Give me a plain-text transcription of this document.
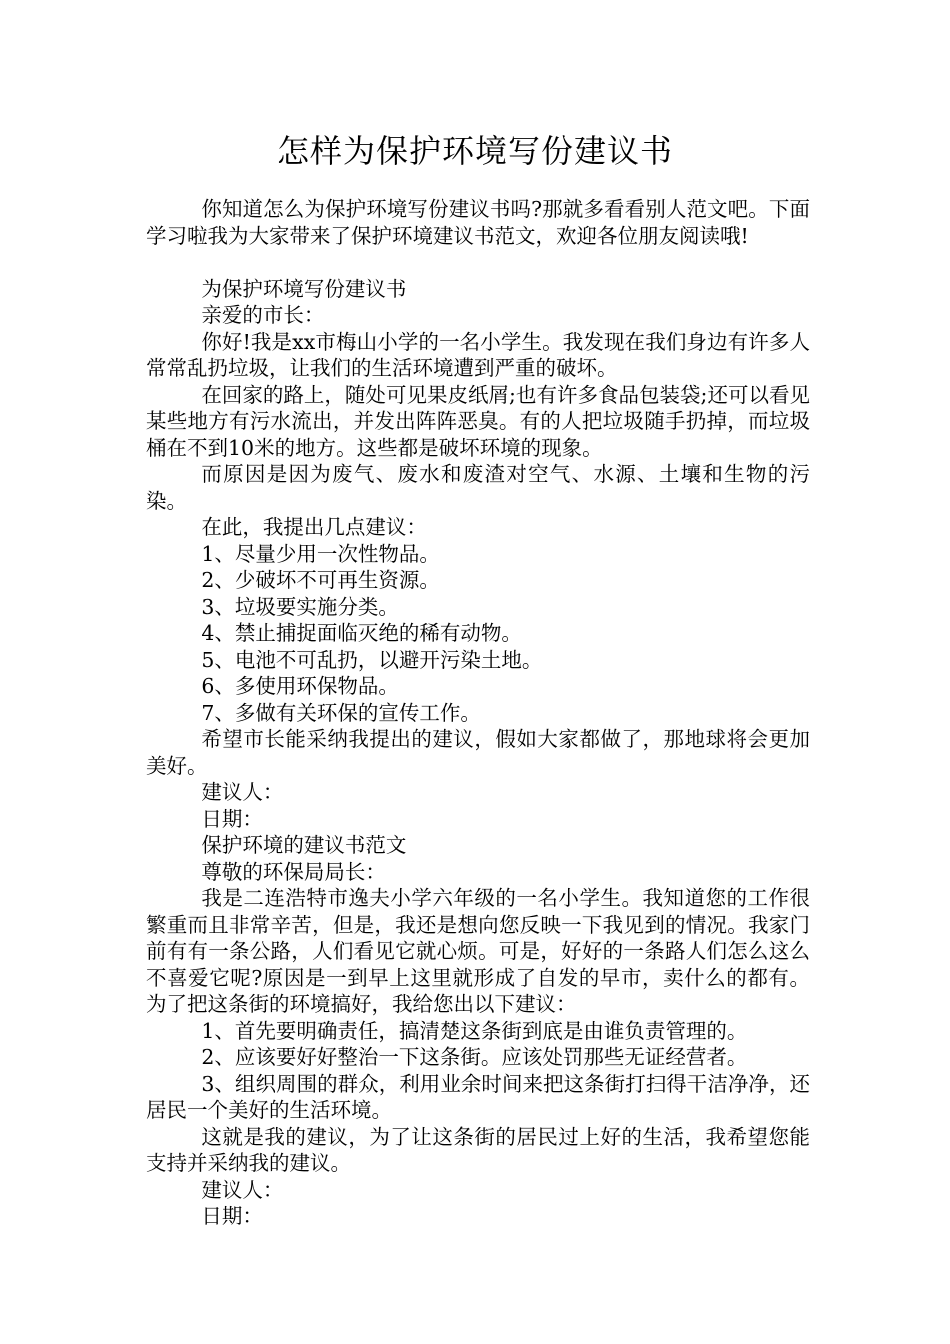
怎样为保护环境写份建议书

你知道怎么为保护环境写份建议书吗?那就多看看别人范文吧。下面学习啦我为大家带来了保护环境建议书范文，欢迎各位朋友阅读哦!

为保护环境写份建议书

亲爱的市长：

你好!我是xx市梅山小学的一名小学生。我发现在我们身边有许多人常常乱扔垃圾，让我们的生活环境遭到严重的破坏。

在回家的路上，随处可见果皮纸屑;也有许多食品包装袋;还可以看见某些地方有污水流出，并发出阵阵恶臭。有的人把垃圾随手扔掉，而垃圾桶在不到10米的地方。这些都是破坏环境的现象。

而原因是因为废气、废水和废渣对空气、水源、土壤和生物的污染。

在此，我提出几点建议：

1、尽量少用一次性物品。

2、少破坏不可再生资源。

3、垃圾要实施分类。

4、禁止捕捉面临灭绝的稀有动物。

5、电池不可乱扔，以避开污染土地。

6、多使用环保物品。

7、多做有关环保的宣传工作。

希望市长能采纳我提出的建议，假如大家都做了，那地球将会更加美好。

建议人：

日期：

保护环境的建议书范文

尊敬的环保局局长：

我是二连浩特市逸夫小学六年级的一名小学生。我知道您的工作很繁重而且非常辛苦，但是，我还是想向您反映一下我见到的情况。我家门前有有一条公路，人们看见它就心烦。可是，好好的一条路人们怎么这么不喜爱它呢?原因是一到早上这里就形成了自发的早市，卖什么的都有。为了把这条街的环境搞好，我给您出以下建议：

1、首先要明确责任，搞清楚这条街到底是由谁负责管理的。

2、应该要好好整治一下这条街。应该处罚那些无证经营者。

3、组织周围的群众，利用业余时间来把这条街打扫得干洁净净，还居民一个美好的生活环境。

这就是我的建议，为了让这条街的居民过上好的生活，我希望您能支持并采纳我的建议。

建议人：

日期：
